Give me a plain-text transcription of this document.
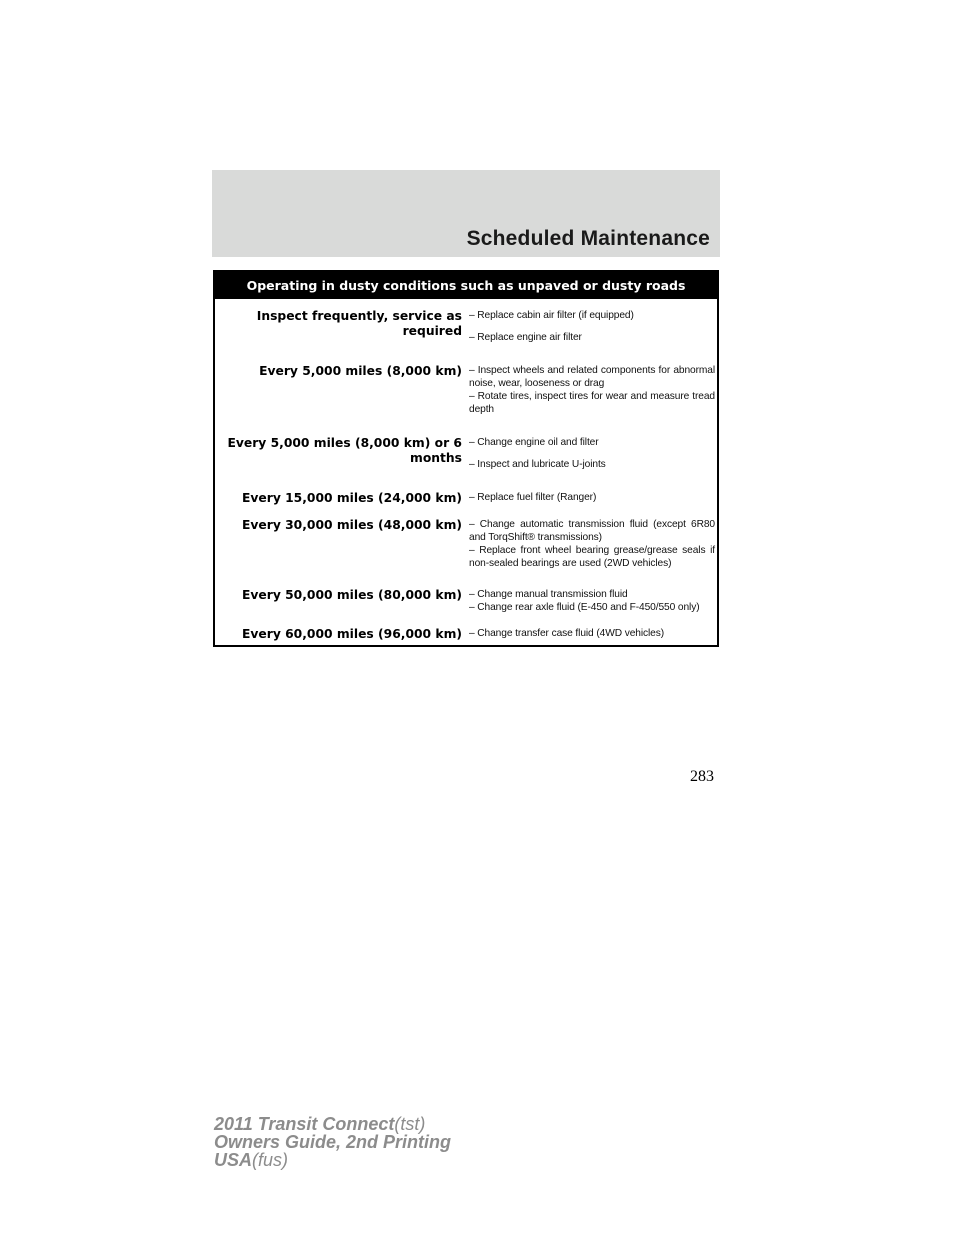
Scheduled Maintenance
Operating in dusty conditions such as unpaved or dusty roads
Inspect frequently, service as required
– Replace cabin air filter (if equipped)
– Replace engine air filter
Every 5,000 miles (8,000 km) – Inspect wheels and related components for abnormal noise, wear, looseness or drag
– Rotate tires, inspect tires for wear and measure tread depth
Every 5,000 miles (8,000 km) or 6 months
– Change engine oil and filter
– Inspect and lubricate U-joints
Every 15,000 miles (24,000 km) – Replace fuel filter (Ranger)
Every 30,000 miles (48,000 km) – Change automatic transmission fluid (except 6R80 and TorqShift® transmissions)
– Replace front wheel bearing grease/grease seals if non-sealed bearings are used (2WD vehicles)
Every 50,000 miles (80,000 km) – Change manual transmission fluid
– Change rear axle fluid (E-450 and F-450/550 only)
Every 60,000 miles (96,000 km) – Change transfer case fluid (4WD vehicles)
283
2011 Transit Connect(tst)
Owners Guide, 2nd Printing
USA(fus)
